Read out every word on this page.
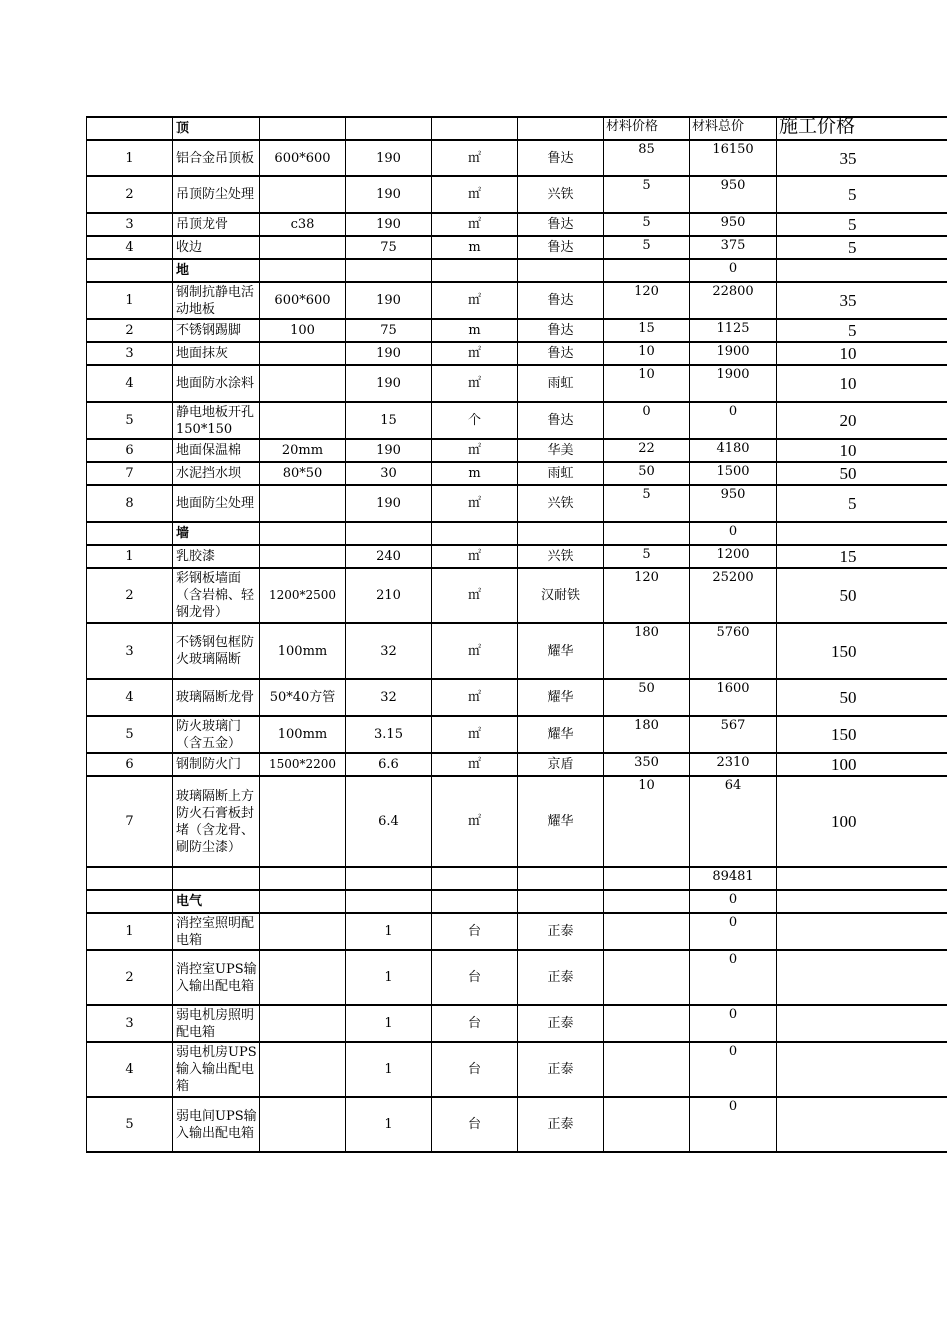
	顶					材料价格	材料总价	施工价格
1	铝合金吊顶板	600*600	190	㎡	鲁达	85	16150	35
2	吊顶防尘处理		190	㎡	兴铁	5	950	5
3	吊顶龙骨	c38	190	㎡	鲁达	5	950	5
4	收边		75	m	鲁达	5	375	5
	地						0	
1	钢制抗静电活动地板	600*600	190	㎡	鲁达	120	22800	35
2	不锈钢踢脚	100	75	m	鲁达	15	1125	5
3	地面抹灰		190	㎡	鲁达	10	1900	10
4	地面防水涂料		190	㎡	雨虹	10	1900	10
5	静电地板开孔　150*150		15	个	鲁达	0	0	20
6	地面保温棉	20mm	190	㎡	华美	22	4180	10
7	水泥挡水坝	80*50	30	m	雨虹	50	1500	50
8	地面防尘处理		190	㎡	兴铁	5	950	5
	墙						0	
1	乳胶漆		240	㎡	兴铁	5	1200	15
2	彩钢板墙面（含岩棉、轻钢龙骨）	1200*2500	210	㎡	汉耐铁	120	25200	50
3	不锈钢包框防火玻璃隔断	100mm	32	㎡	耀华	180	5760	150
4	玻璃隔断龙骨	50*40方管	32	㎡	耀华	50	1600	50
5	防火玻璃门（含五金）	100mm	3.15	㎡	耀华	180	567	150
6	钢制防火门	1500*2200	6.6	㎡	京盾	350	2310	100
7	玻璃隔断上方防火石膏板封堵（含龙骨、刷防尘漆）		6.4	㎡	耀华	10	64	100
							89481	
	电气						0	
1	消控室照明配电箱		1	台	正泰		0	
2	消控室UPS输入输出配电箱		1	台	正泰		0	
3	弱电机房照明配电箱		1	台	正泰		0	
4	弱电机房UPS输入输出配电箱		1	台	正泰		0	
5	弱电间UPS输入输出配电箱		1	台	正泰		0	
